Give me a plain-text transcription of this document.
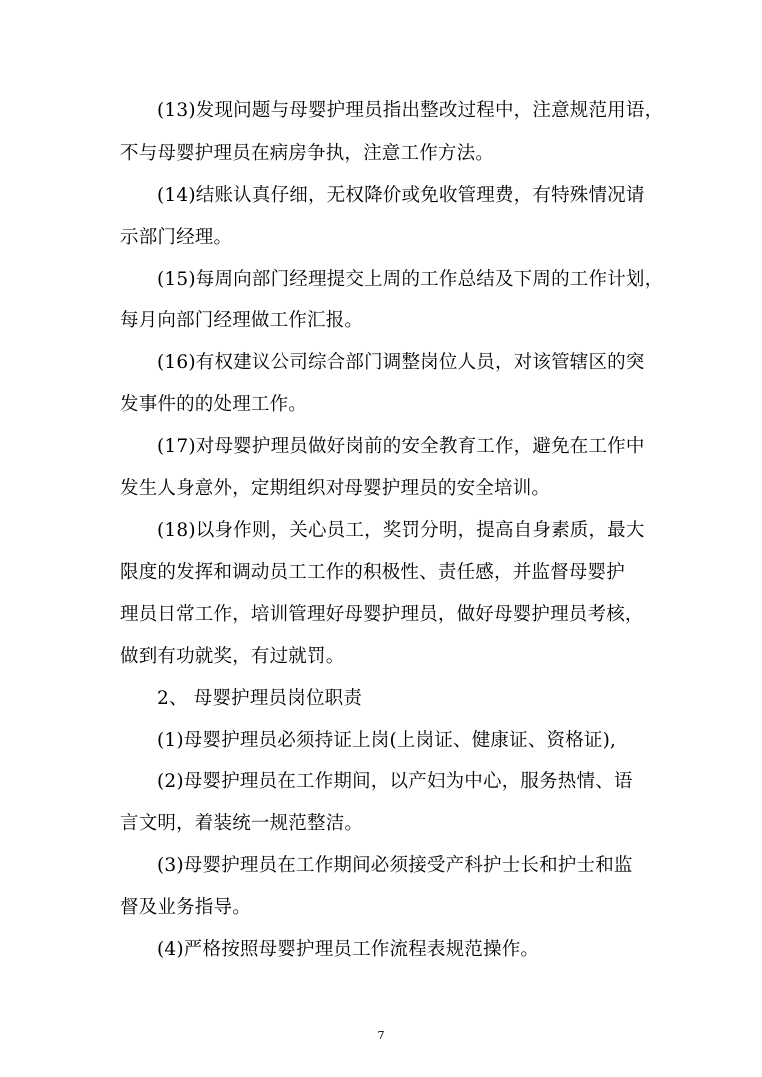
(13)发现问题与母婴护理员指出整改过程中，注意规范用语，
不与母婴护理员在病房争执，注意工作方法。
(14)结账认真仔细，无权降价或免收管理费，有特殊情况请
示部门经理。
(15)每周向部门经理提交上周的工作总结及下周的工作计划，
每月向部门经理做工作汇报。
(16)有权建议公司综合部门调整岗位人员，对该管辖区的突
发事件的的处理工作。
(17)对母婴护理员做好岗前的安全教育工作，避免在工作中
发生人身意外，定期组织对母婴护理员的安全培训。
(18)以身作则，关心员工，奖罚分明，提高自身素质，最大
限度的发挥和调动员工工作的积极性、责任感，并监督母婴护
理员日常工作，培训管理好母婴护理员，做好母婴护理员考核，
做到有功就奖，有过就罚。
2、 母婴护理员岗位职责
(1)母婴护理员必须持证上岗(上岗证、健康证、资格证),
(2)母婴护理员在工作期间，以产妇为中心，服务热情、语
言文明，着装统一规范整洁。
(3)母婴护理员在工作期间必须接受产科护士长和护士和监
督及业务指导。
(4)严格按照母婴护理员工作流程表规范操作。
7
